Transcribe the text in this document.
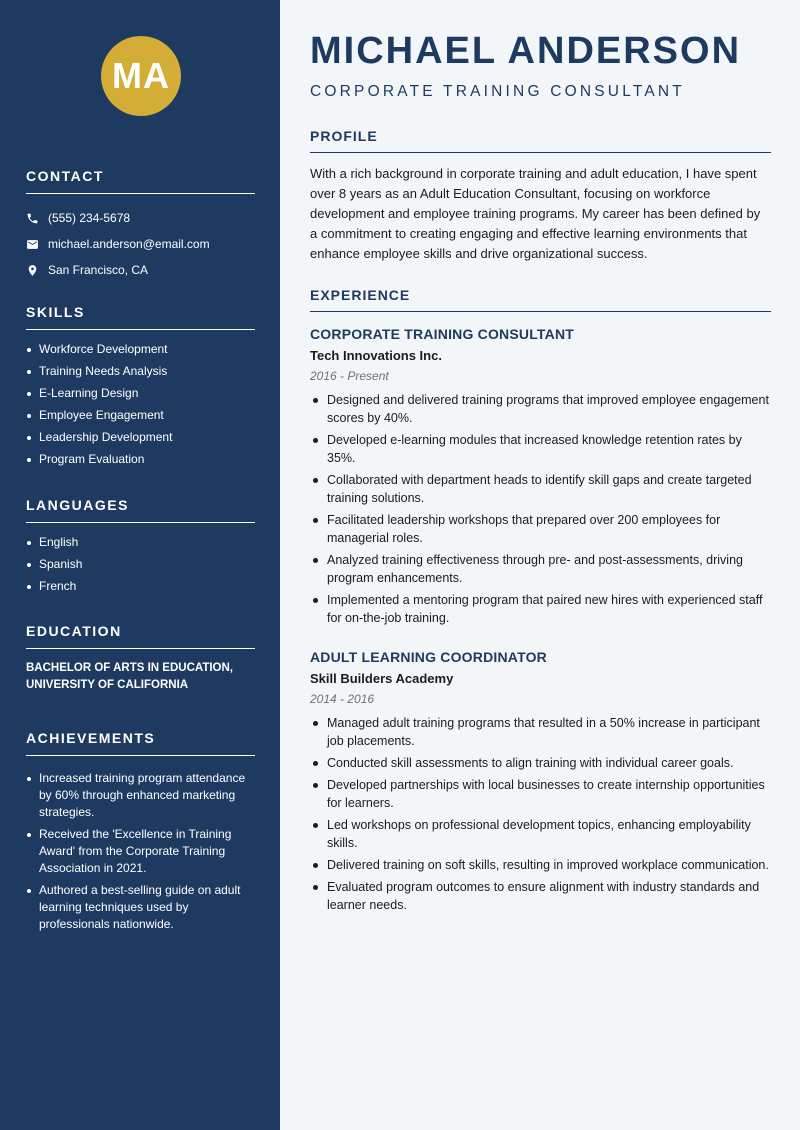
MA
CONTACT
(555) 234-5678
michael.anderson@email.com
San Francisco, CA
SKILLS
Workforce Development
Training Needs Analysis
E-Learning Design
Employee Engagement
Leadership Development
Program Evaluation
LANGUAGES
English
Spanish
French
EDUCATION
BACHELOR OF ARTS IN EDUCATION, UNIVERSITY OF CALIFORNIA
ACHIEVEMENTS
Increased training program attendance by 60% through enhanced marketing strategies.
Received the 'Excellence in Training Award' from the Corporate Training Association in 2021.
Authored a best-selling guide on adult learning techniques used by professionals nationwide.
MICHAEL ANDERSON
CORPORATE TRAINING CONSULTANT
PROFILE

With a rich background in corporate training and adult education, I have spent over 8 years as an Adult Education Consultant, focusing on workforce development and employee training programs. My career has been defined by a commitment to creating engaging and effective learning environments that enhance employee skills and drive organizational success.

EXPERIENCE
CORPORATE TRAINING CONSULTANT
Tech Innovations Inc.
2016 - Present
Designed and delivered training programs that improved employee engagement scores by 40%.
Developed e-learning modules that increased knowledge retention rates by 35%.
Collaborated with department heads to identify skill gaps and create targeted training solutions.
Facilitated leadership workshops that prepared over 200 employees for managerial roles.
Analyzed training effectiveness through pre- and post-assessments, driving program enhancements.
Implemented a mentoring program that paired new hires with experienced staff for on-the-job training.
ADULT LEARNING COORDINATOR
Skill Builders Academy
2014 - 2016
Managed adult training programs that resulted in a 50% increase in participant job placements.
Conducted skill assessments to align training with individual career goals.
Developed partnerships with local businesses to create internship opportunities for learners.
Led workshops on professional development topics, enhancing employability skills.
Delivered training on soft skills, resulting in improved workplace communication.
Evaluated program outcomes to ensure alignment with industry standards and learner needs.
